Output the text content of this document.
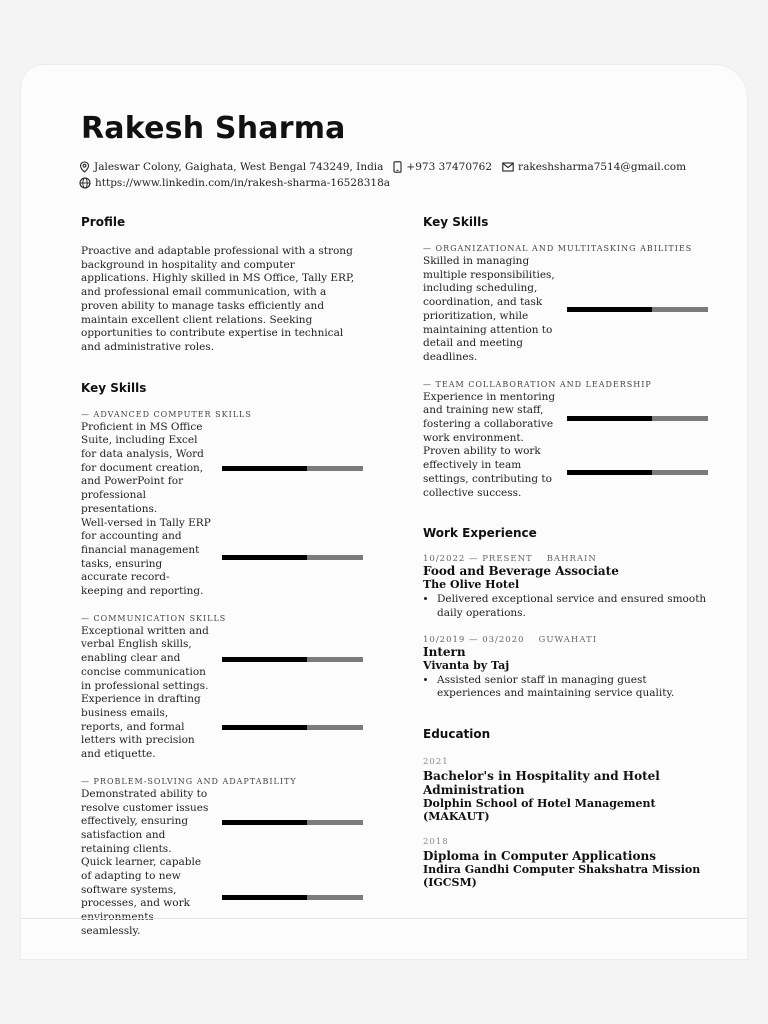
Rakesh Sharma
Jaleswar Colony, Gaighata, West Bengal 743249, India +973 37470762 rakeshsharma7514@gmail.com
https://www.linkedin.com/in/rakesh-sharma-16528318a
Profile

Proactive and adaptable professional with a strong background in hospitality and computer applications. Highly skilled in MS Office, Tally ERP, and professional email communication, with a proven ability to manage tasks efficiently and maintain excellent client relations. Seeking opportunities to contribute expertise in technical and administrative roles.

Key Skills

— ADVANCED COMPUTER SKILLS

Proficient in MS Office Suite, including Excel for data analysis, Word for document creation, and PowerPoint for professional presentations.

Well-versed in Tally ERP for accounting and financial management tasks, ensuring accurate record-keeping and reporting.

— COMMUNICATION SKILLS

Exceptional written and verbal English skills, enabling clear and concise communication in professional settings.

Experience in drafting business emails, reports, and formal letters with precision and etiquette.

— PROBLEM-SOLVING AND ADAPTABILITY

Demonstrated ability to resolve customer issues effectively, ensuring satisfaction and retaining clients.

Quick learner, capable of adapting to new software systems, processes, and work seamlessly.

Key Skills

— ORGANIZATIONAL AND MULTITASKING ABILITIES

Skilled in managing multiple responsibilities, including scheduling, coordination, and task prioritization, while maintaining attention to detail and meeting deadlines.

— TEAM COLLABORATION AND LEADERSHIP

Experience in mentoring and training new staff, fostering a collaborative work environment.

Proven ability to work effectively in team settings, contributing to collective success.

Work Experience

10/2022 — PRESENT BAHRAIN

Food and Beverage Associate

The Olive Hotel

• Delivered exceptional service and ensured smooth daily operations.

10/2019 — 03/2020 GUWAHATI

Intern

Vivanta by Taj

• Assisted senior staff in managing guest experiences and maintaining service quality.
Education

2021

Bachelor's in Hospitality and Hotel Administration

Dolphin School of Hotel Management (MAKAUT)

2018

Diploma in Computer Applications

Indira Gandhi Computer Shakshatra Mission (IGCSM)
